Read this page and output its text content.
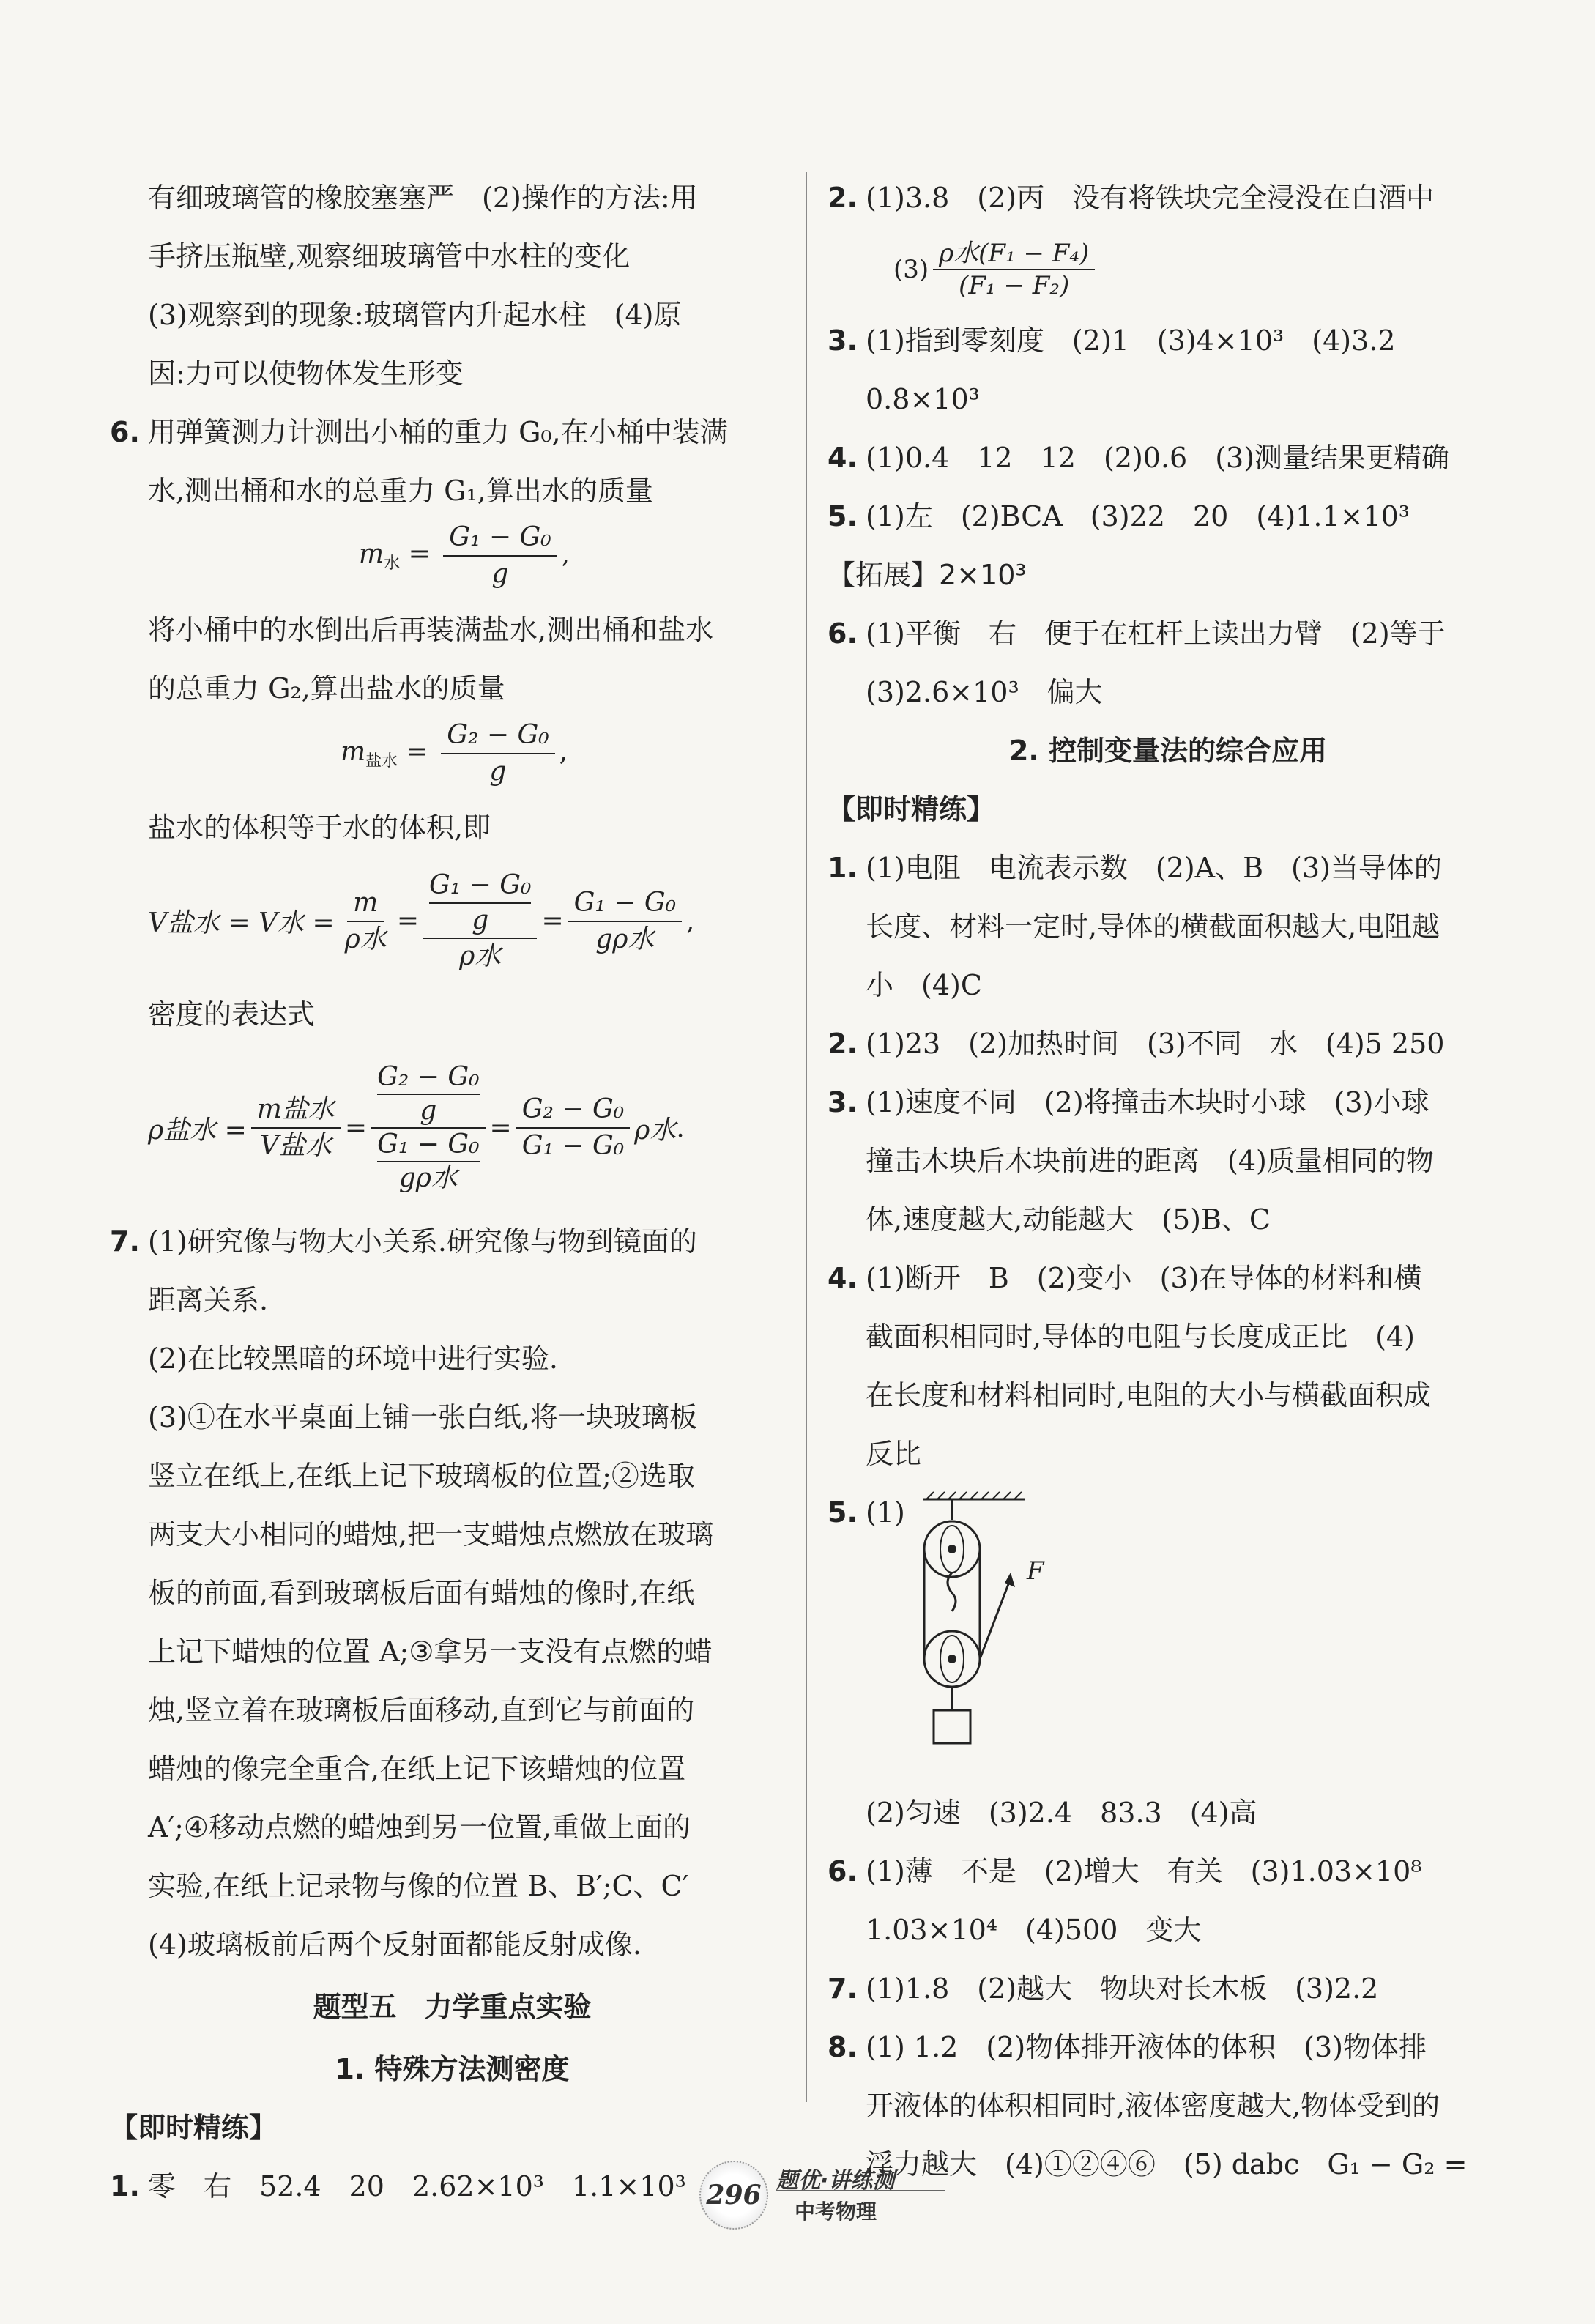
有细玻璃管的橡胶塞塞严　(2)操作的方法:用
手挤压瓶壁,观察细玻璃管中水柱的变化
(3)观察到的现象:玻璃管内升起水柱　(4)原
因:力可以使物体发生形变
6. 用弹簧测力计测出小桶的重力 G₀,在小桶中装满
水,测出桶和水的总重力 G₁,算出水的质量
$m_水 = \frac{\text{G₁ − G₀}}{g}$ ,
将小桶中的水倒出后再装满盐水,测出桶和盐水
的总重力 G₂,算出盐水的质量
$m_{盐水} = \frac{\text{G₂ − G₀}}{g}$ ,
盐水的体积等于水的体积,即
V盐水 = V水 = $\frac{m}{\text{ρ水}} = \frac{\frac{\text{G₁ − G₀}}{g}}{\text{ρ水}} = \frac{\text{G₁ − G₀}}{\text{gρ水}}$ ,
密度的表达式
ρ盐水 = $\frac{\text{m盐水}}{\text{V盐水}} = \frac{\text{G₂ − G₀}}{g}$
G₁ − G₀
gρ水 = $\frac{\text{G₂ − G₀}}{\text{G₁ − G₀}}$ ρ水 .
7. (1)研究像与物大小关系.研究像与物到镜面的
距离关系.
(2)在比较黑暗的环境中进行实验.
(3)①在水平桌面上铺一张白纸,将一块玻璃板
竖立在纸上,在纸上记下玻璃板的位置;②选取
两支大小相同的蜡烛,把一支蜡烛点燃放在玻璃
板的前面,看到玻璃板后面有蜡烛的像时,在纸
上记下蜡烛的位置 A;③拿另一支没有点燃的蜡
烛,竖立着在玻璃板后面移动,直到它与前面的
蜡烛的像完全重合,在纸上记下该蜡烛的位置
A′;④移动点燃的蜡烛到另一位置,重做上面的
实验,在纸上记录物与像的位置 B、B′;C、C′
(4)玻璃板前后两个反射面都能反射成像.
题型五　力学重点实验
1. 特殊方法测密度
【即时精练】
1. 零　右　52.4　20　2.62×10³　1.1×10³
2. (1)3.8　(2)丙　没有将铁块完全浸没在白酒中
$(3) \frac{\text{ρ水(F₁ − F₄)}}{\text{(F₁ − F₂)}}$
3. (1)指到零刻度　(2)1　(3)4×10³　(4)3.2
0.8×10³
4. (1)0.4　12　12　(2)0.6　(3)测量结果更精确
5. (1)左　(2)BCA　(3)22　20　(4)1.1×10³
【拓展】2×10³
6. (1)平衡　右　便于在杠杆上读出力臂　(2)等于
(3)2.6×10³　偏大
2. 控制变量法的综合应用
【即时精练】
1. (1)电阻　电流表示数　(2)A、B　(3)当导体的
长度、材料一定时,导体的横截面积越大,电阻越
小　(4)C
2. (1)23　(2)加热时间　(3)不同　水　(4)5 250
3. (1)速度不同　(2)将撞击木块时小球　(3)小球
撞击木块后木块前进的距离　(4)质量相同的物
体,速度越大,动能越大　(5)B、C
4. (1)断开　B　(2)变小　(3)在导体的材料和横
截面积相同时,导体的电阻与长度成正比　(4)
在长度和材料相同时,电阻的大小与横截面积成
反比
5. (1)
F
(2)匀速　(3)2.4　83.3　(4)高
6. (1)薄　不是　(2)增大　有关　(3)1.03×10⁸
1.03×10⁴　(4)500　变大
7. (1)1.8　(2)越大　物块对长木板　(3)2.2
8. (1) 1.2　(2)物体排开液体的体积　(3)物体排
开液体的体积相同时,液体密度越大,物体受到的
浮力越大　(4)①②④⑥　(5) dabc　G₁ − G₂ =
296 题优·讲练测
中考物理
